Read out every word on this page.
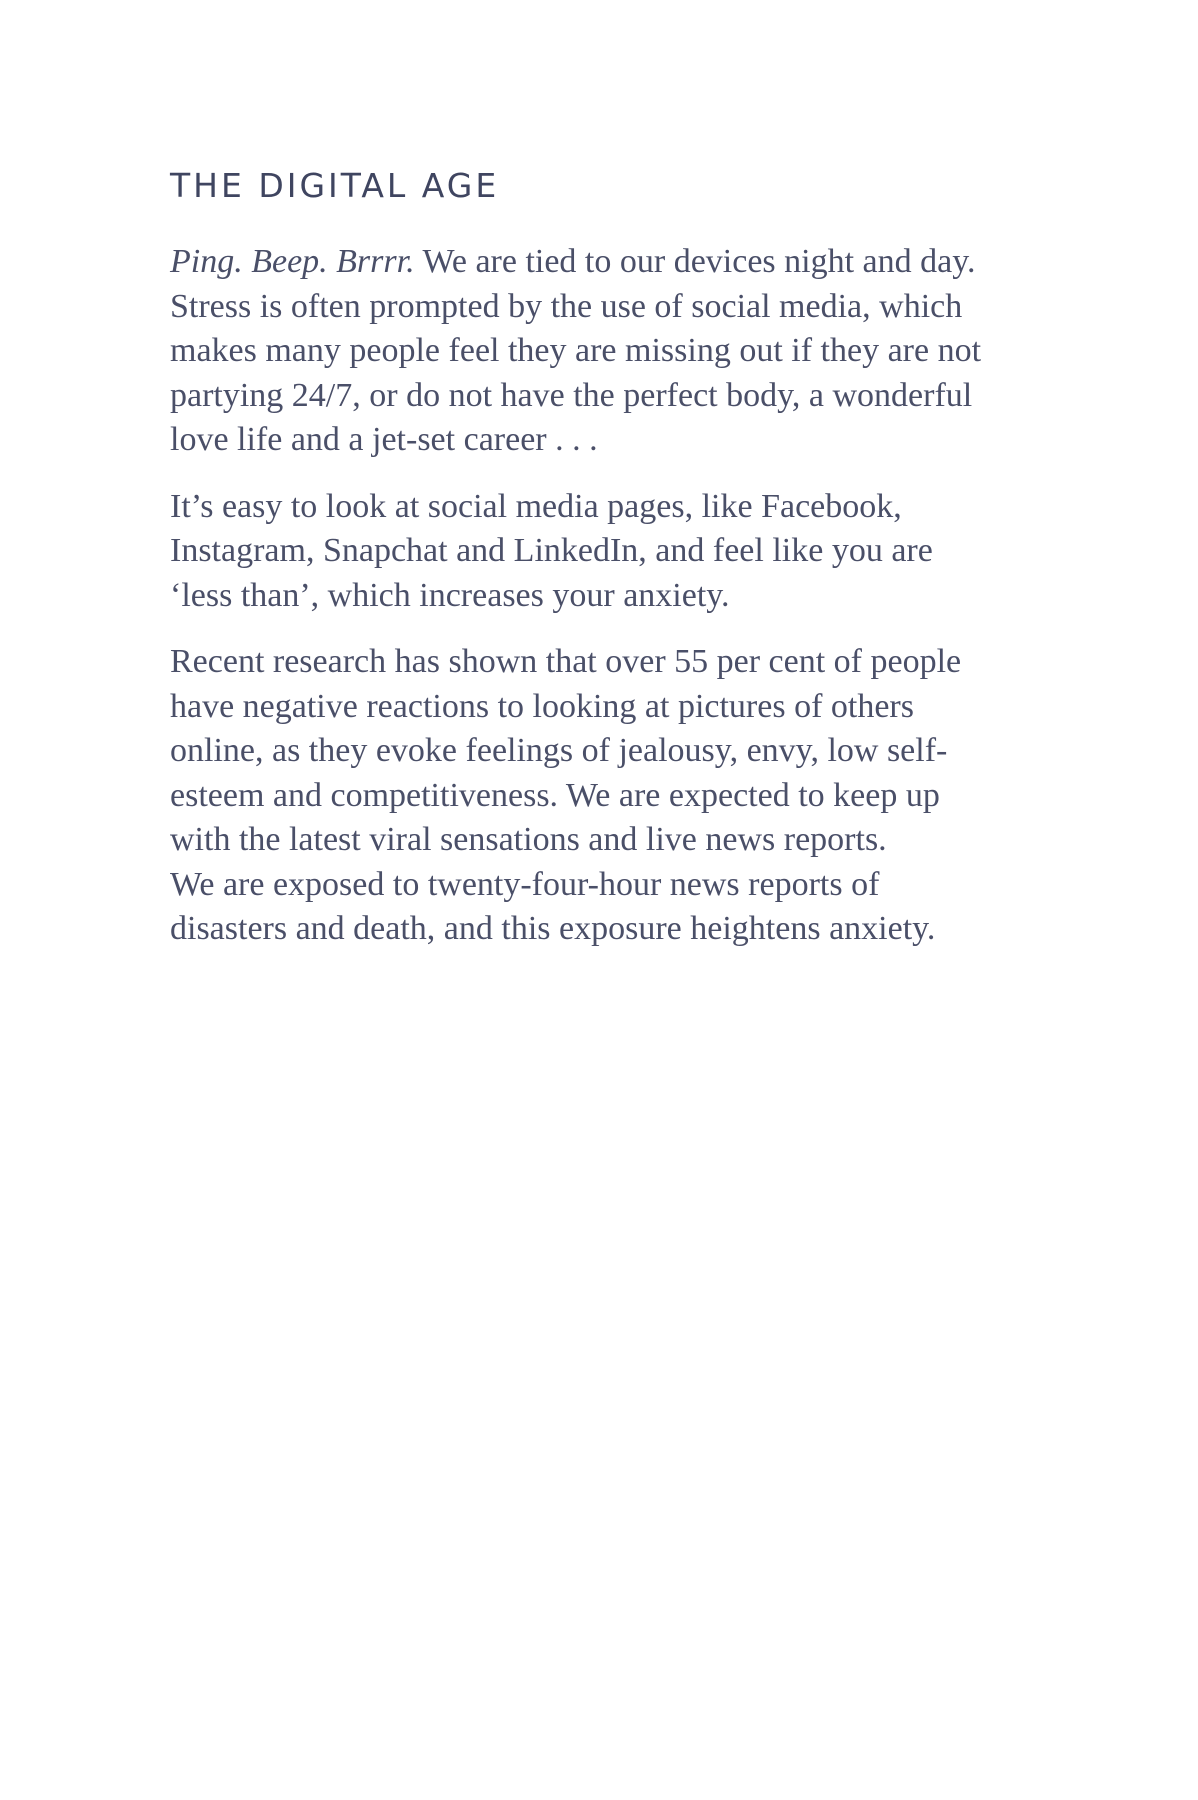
THE DIGITAL AGE

Ping. Beep. Brrrr. We are tied to our devices night and day.
Stress is often prompted by the use of social media, which
makes many people feel they are missing out if they are not
partying 24/7, or do not have the perfect body, a wonderful
love life and a jet-set career . . .

It’s easy to look at social media pages, like Facebook,
Instagram, Snapchat and LinkedIn, and feel like you are
‘less than’, which increases your anxiety.

Recent research has shown that over 55 per cent of people
have negative reactions to looking at pictures of others
online, as they evoke feelings of jealousy, envy, low self-
esteem and competitiveness. We are expected to keep up
with the latest viral sensations and live news reports.
We are exposed to twenty-four-hour news reports of
disasters and death, and this exposure heightens anxiety.
